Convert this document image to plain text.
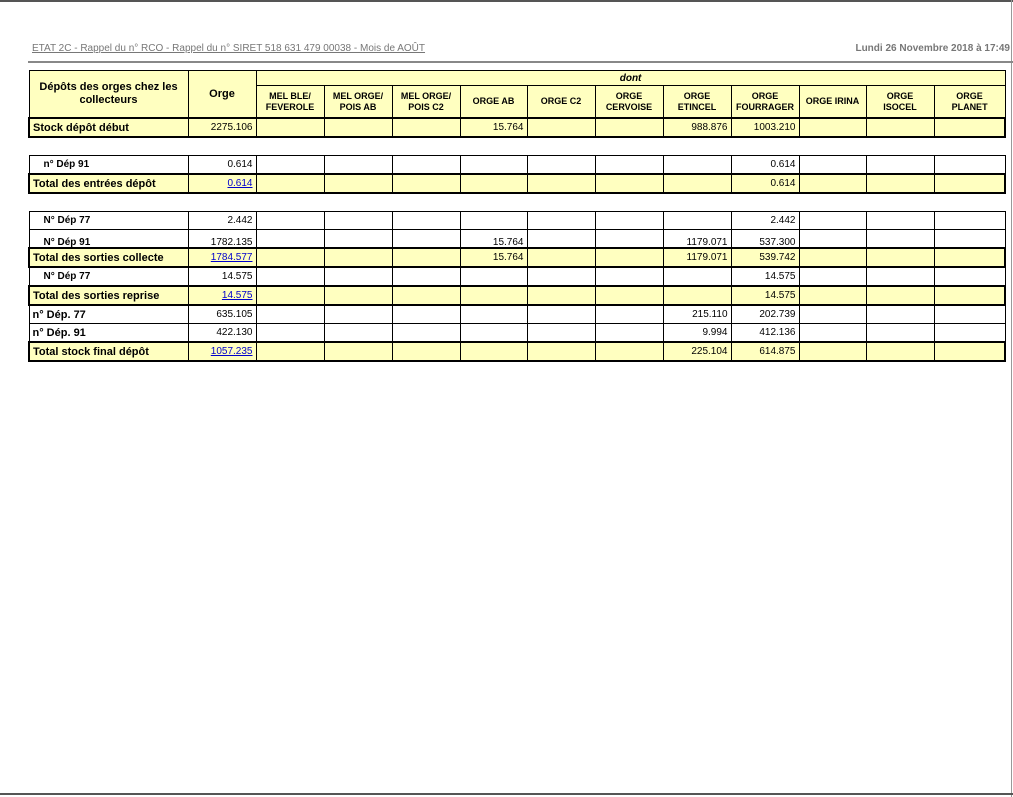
ETAT 2C - Rappel du n° RCO - Rappel du n° SIRET 518 631 479 00038 - Mois de AOÛT	Lundi 26 Novembre 2018 à 17:49
Dépôts des orges chez les collecteurs	Orge	dont										
		MEL BLE/ FEVEROLE	MEL ORGE/ POIS AB	MEL ORGE/ POIS C2	ORGE AB	ORGE C2	ORGE CERVOISE	ORGE ETINCEL	ORGE FOURRAGER	ORGE IRINA	ORGE ISOCEL	ORGE PLANET
Stock dépôt début	2275.106				15.764			988.876	1003.210			

n° Dép 91	0.614								0.614			
Total des entrées dépôt	0.614								0.614			

N° Dép 77	2.442								2.442			
N° Dép 91	1782.135				15.764			1179.071	537.300			
Total des sorties collecte	1784.577				15.764			1179.071	539.742			
N° Dép 77	14.575								14.575			
Total des sorties reprise	14.575								14.575			
n° Dép. 77	635.105							215.110	202.739			
n° Dép. 91	422.130							9.994	412.136			
Total stock final dépôt	1057.235							225.104	614.875			
